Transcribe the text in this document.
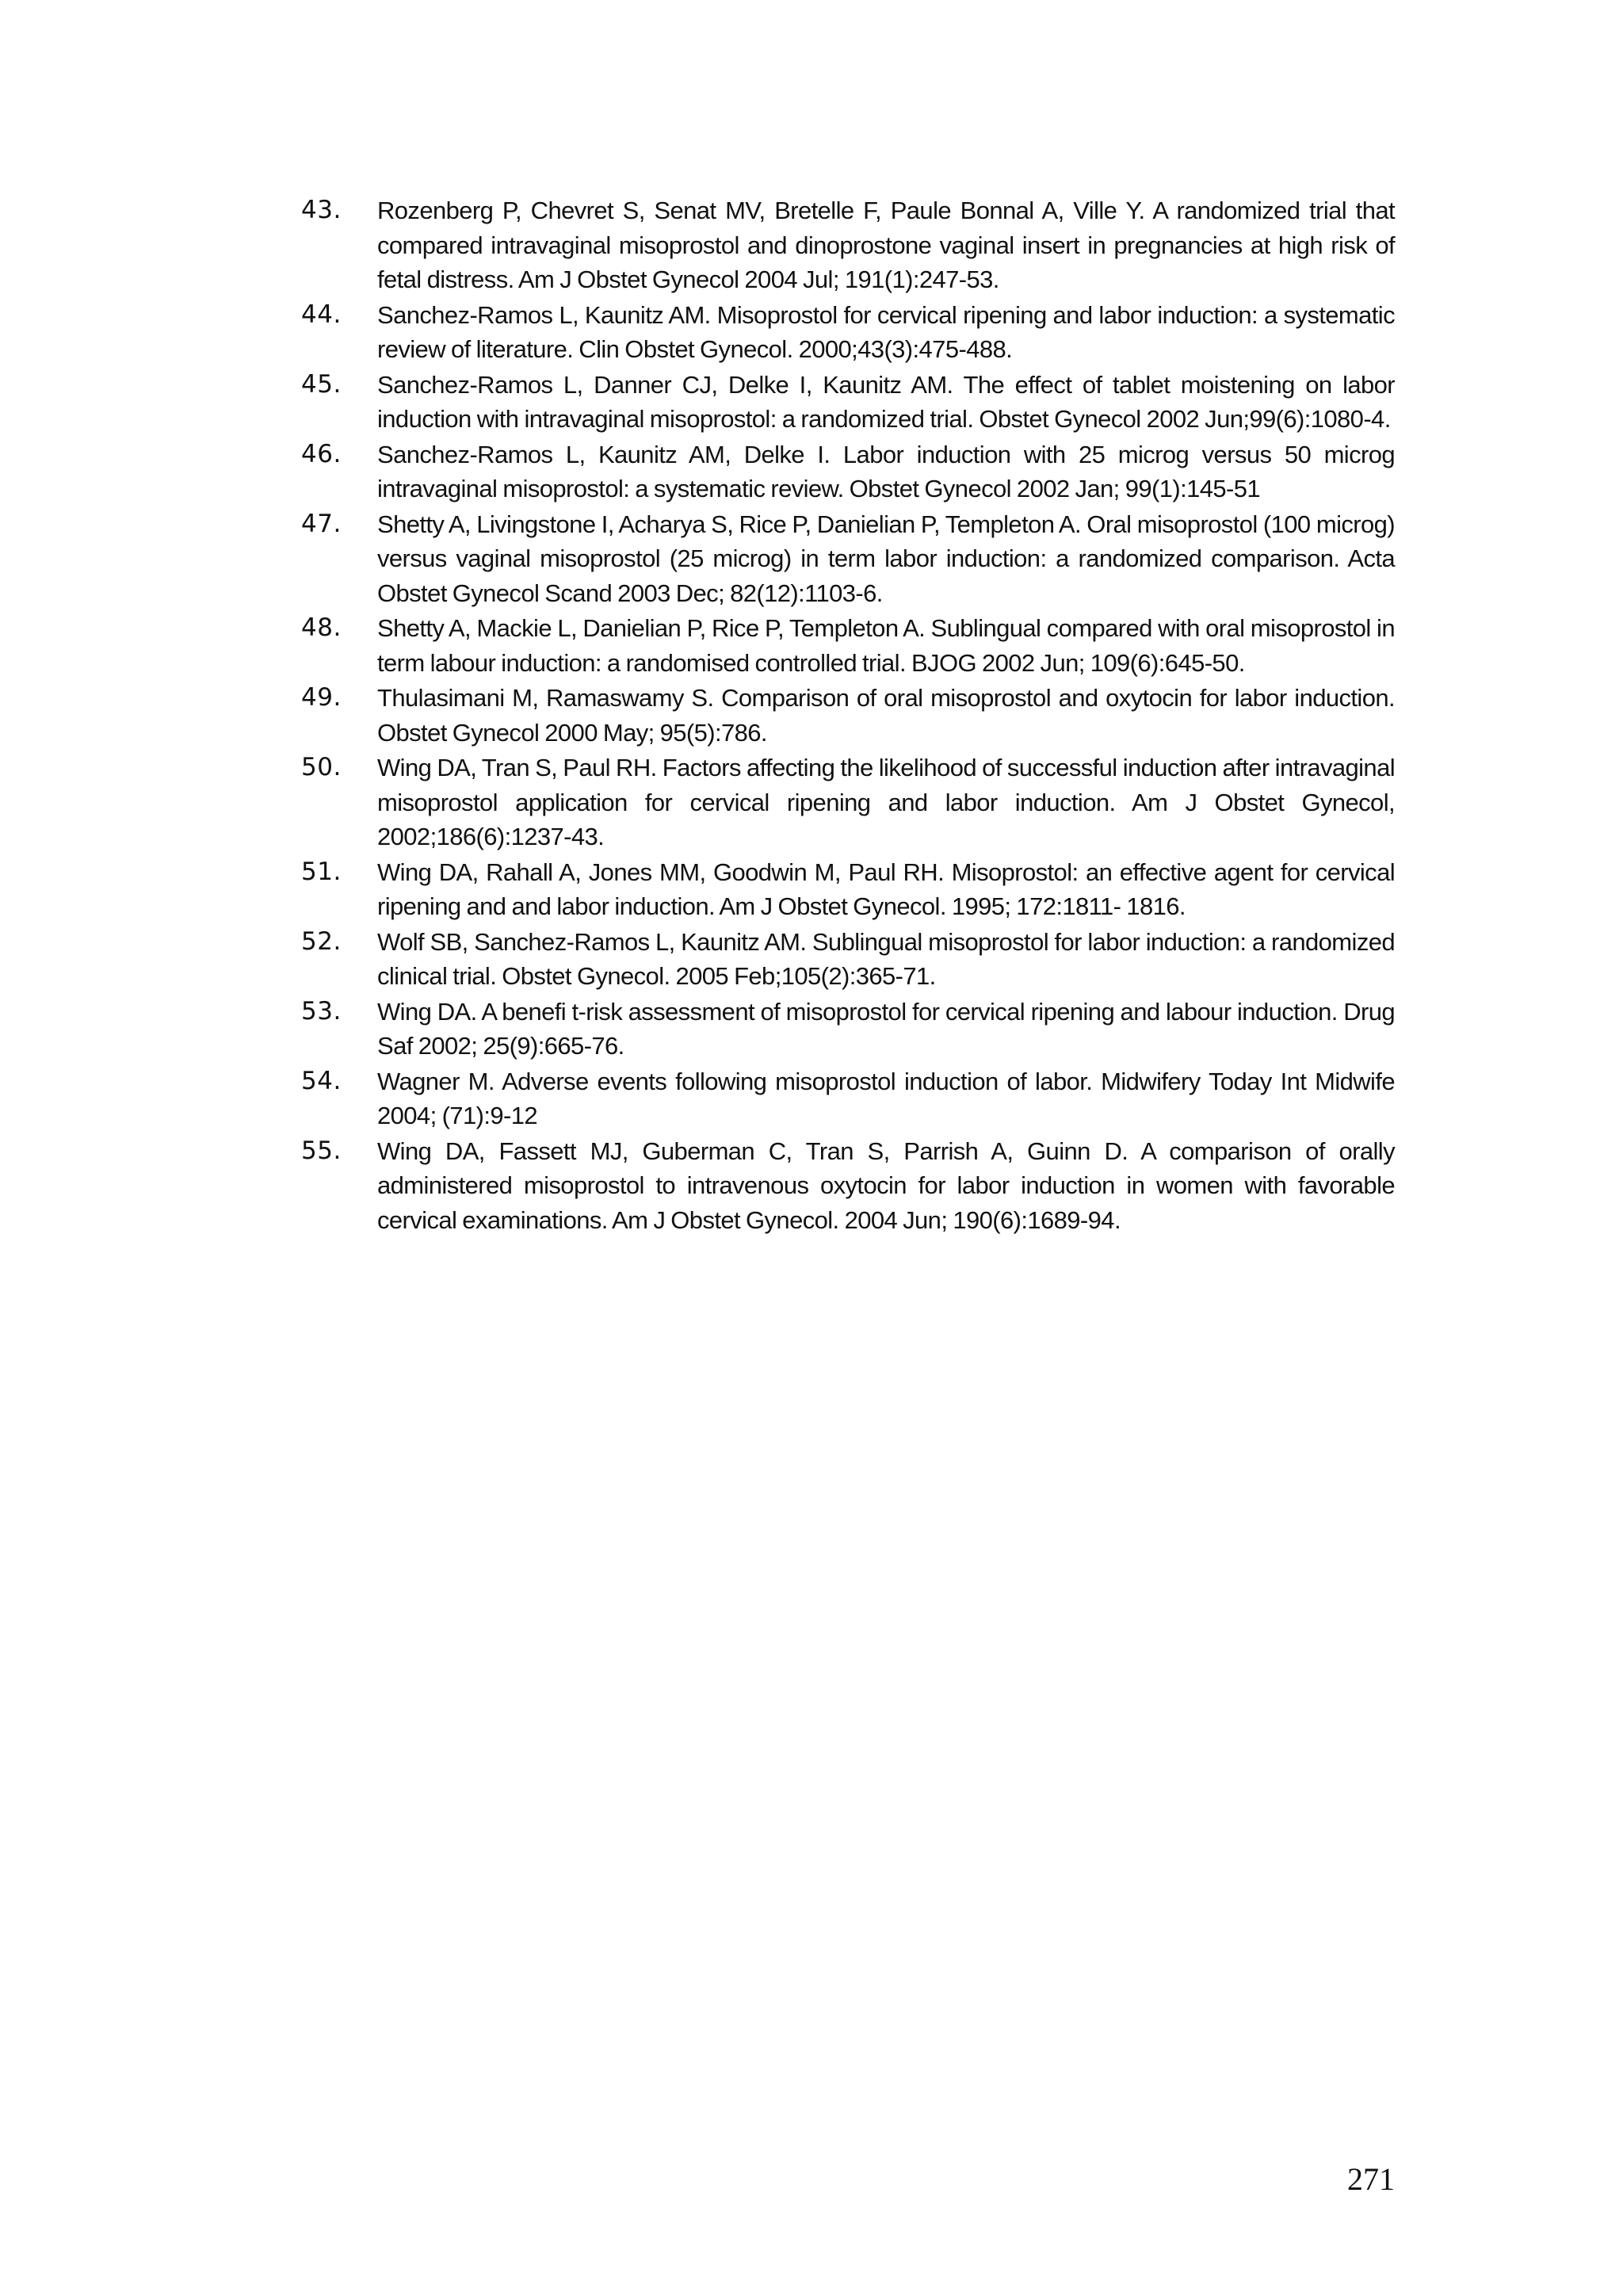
43.	Rozenberg P, Chevret S, Senat MV, Bretelle F, Paule Bonnal A, Ville Y. A randomized trial that compared intravaginal misoprostol and dinoprostone vaginal insert in pregnancies at high risk of fetal distress. Am J Obstet Gynecol 2004 Jul; 191(1):247-53.
44.	Sanchez-Ramos L, Kaunitz AM. Misoprostol for cervical ripening and labor induction: a systematic review of literature. Clin Obstet Gynecol. 2000;43(3):475-488.
45.	Sanchez-Ramos L, Danner CJ, Delke I, Kaunitz AM. The effect of tablet moistening on labor induction with intravaginal misoprostol: a randomized trial. Obstet Gynecol 2002 Jun;99(6):1080-4.
46.	Sanchez-Ramos L, Kaunitz AM, Delke I. Labor induction with 25 microg versus 50 microg intravaginal misoprostol: a systematic review. Obstet Gynecol 2002 Jan; 99(1):145-51
47.	Shetty A, Livingstone I, Acharya S, Rice P, Danielian P, Templeton A. Oral misoprostol (100 microg) versus vaginal misoprostol (25 microg) in term labor induction: a randomized comparison. Acta Obstet Gynecol Scand 2003 Dec; 82(12):1103-6.
48.	Shetty A, Mackie L, Danielian P, Rice P, Templeton A. Sublingual compared with oral misoprostol in term labour induction: a randomised controlled trial. BJOG 2002 Jun; 109(6):645-50.
49.	Thulasimani M, Ramaswamy S. Comparison of oral misoprostol and oxytocin for labor induction. Obstet Gynecol 2000 May; 95(5):786.
50.	Wing DA, Tran S, Paul RH. Factors affecting the likelihood of successful induction after intravaginal misoprostol application for cervical ripening and labor induction. Am J Obstet Gynecol, 2002;186(6):1237-43.
51.	Wing DA, Rahall A, Jones MM, Goodwin M, Paul RH. Misoprostol: an effective agent for cervical ripening and and labor induction. Am J Obstet Gynecol. 1995; 172:1811- 1816.
52.	Wolf SB, Sanchez-Ramos L, Kaunitz AM. Sublingual misoprostol for labor induction: a randomized clinical trial. Obstet Gynecol. 2005 Feb;105(2):365-71.
53.	Wing DA. A benefi t-risk assessment of misoprostol for cervical ripening and labour induction. Drug Saf 2002; 25(9):665-76.
54.	Wagner M. Adverse events following misoprostol induction of labor. Midwifery Today Int Midwife 2004; (71):9-12
55.	Wing DA, Fassett MJ, Guberman C, Tran S, Parrish A, Guinn D. A comparison of orally administered misoprostol to intravenous oxytocin for labor induction in women with favorable cervical examinations. Am J Obstet Gynecol. 2004 Jun; 190(6):1689-94.
271
